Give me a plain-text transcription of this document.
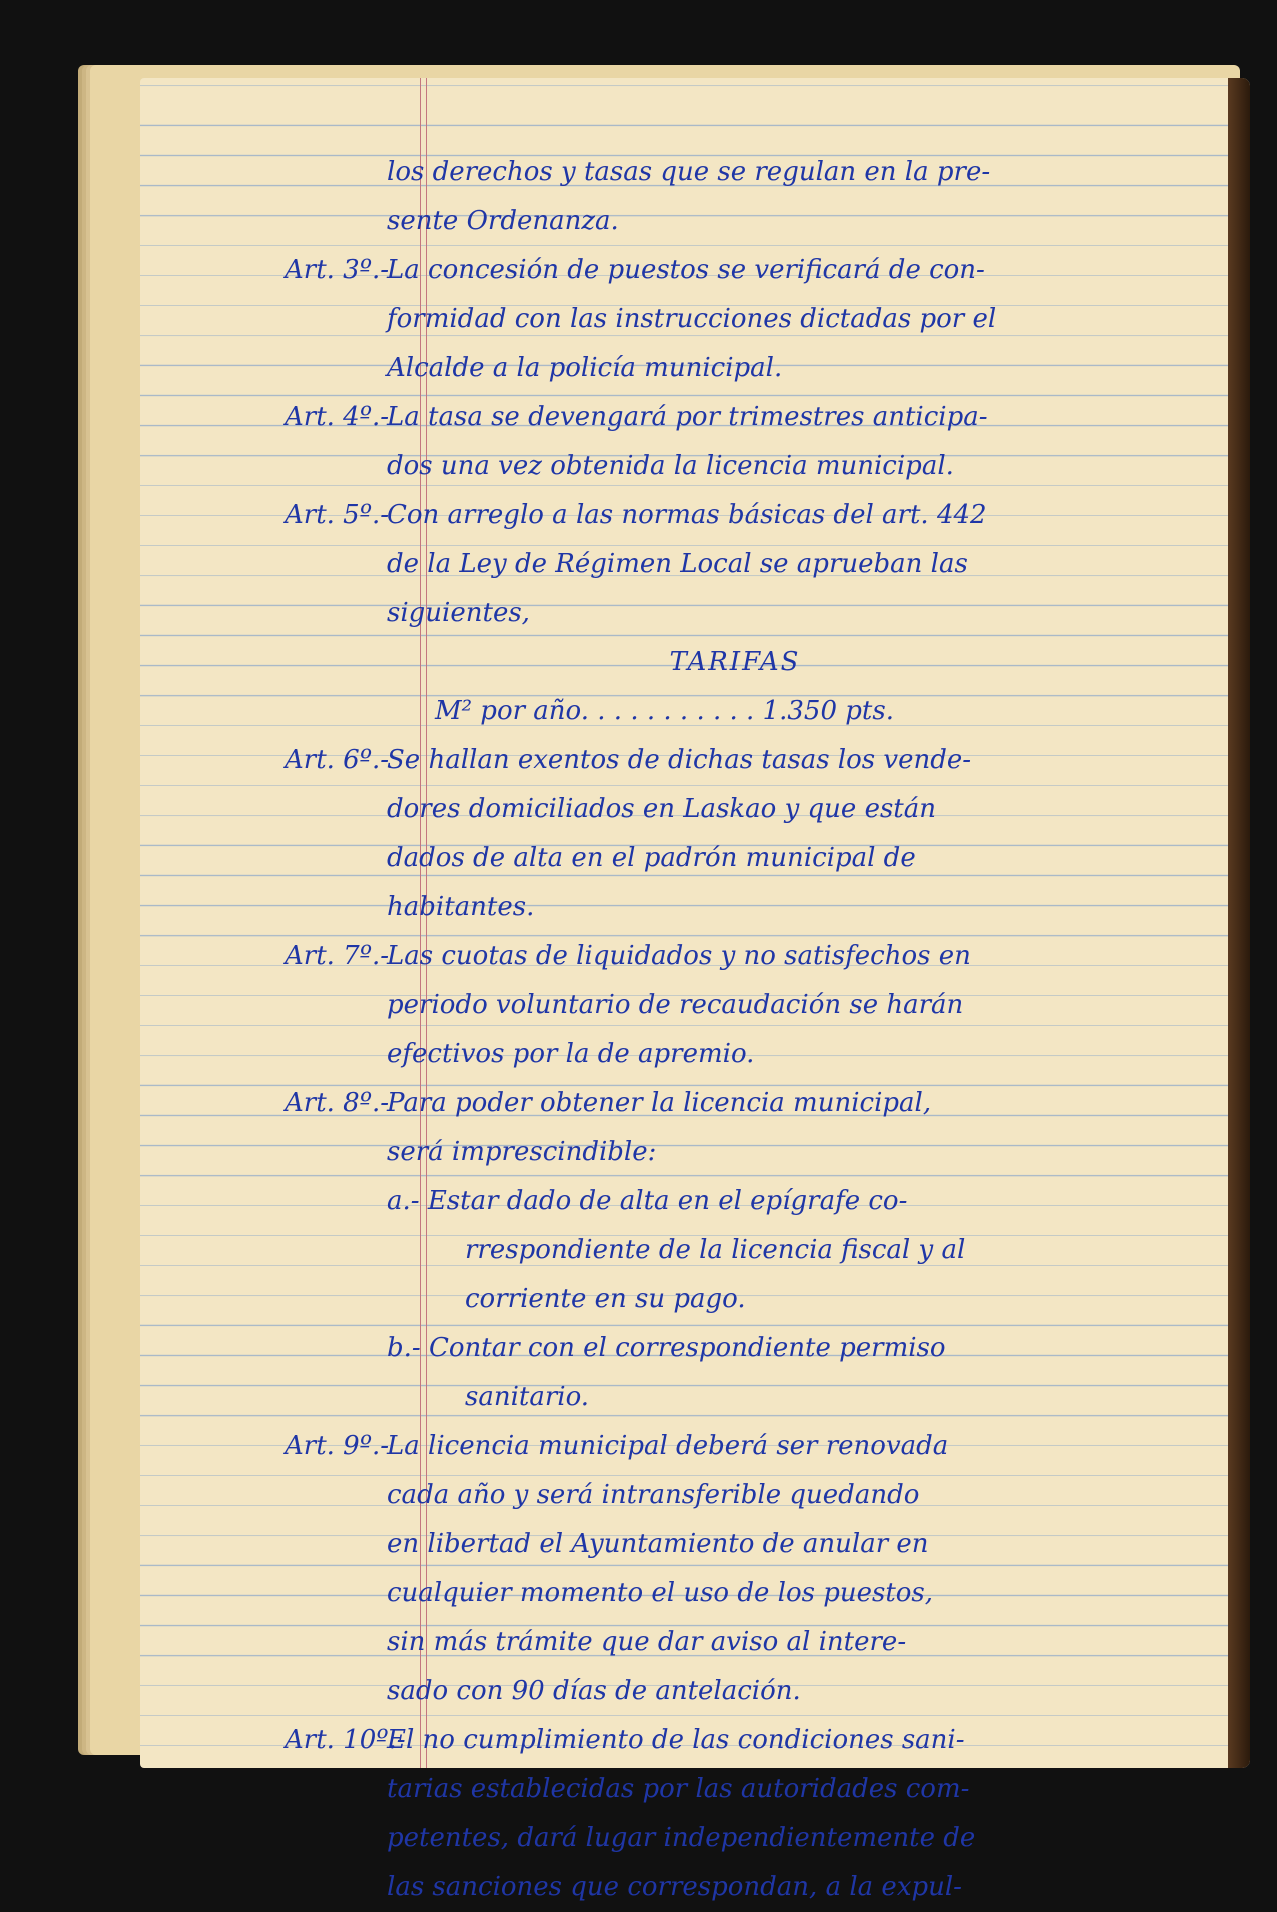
los derechos y tasas que se regulan en la pre-
sente Ordenanza.
Art. 3º.-La concesión de puestos se verificará de con-
formidad con las instrucciones dictadas por el
Alcalde a la policía municipal.
Art. 4º.-La tasa se devengará por trimestres anticipa-
dos una vez obtenida la licencia municipal.
Art. 5º.-Con arreglo a las normas básicas del art. 442
de la Ley de Régimen Local se aprueban las
siguientes,
TARIFAS
M² por año. . . . . . . . . . . 1.350 pts.
Art. 6º.-Se hallan exentos de dichas tasas los vende-
dores domiciliados en Laskao y que están
dados de alta en el padrón municipal de
habitantes.
Art. 7º.-Las cuotas de liquidados y no satisfechos en
periodo voluntario de recaudación se harán
efectivos por la de apremio.
Art. 8º.-Para poder obtener la licencia municipal,
será imprescindible:
a.- Estar dado de alta en el epígrafe co-
rrespondiente de la licencia fiscal y al
corriente en su pago.
b.- Contar con el correspondiente permiso
sanitario.
Art. 9º.-La licencia municipal deberá ser renovada
cada año y será intransferible quedando
en libertad el Ayuntamiento de anular en
cualquier momento el uso de los puestos,
sin más trámite que dar aviso al intere-
sado con 90 días de antelación.
Art. 10º.-El no cumplimiento de las condiciones sani-
tarias establecidas por las autoridades com-
petentes, dará lugar independientemente de
las sanciones que correspondan, a la expul-
